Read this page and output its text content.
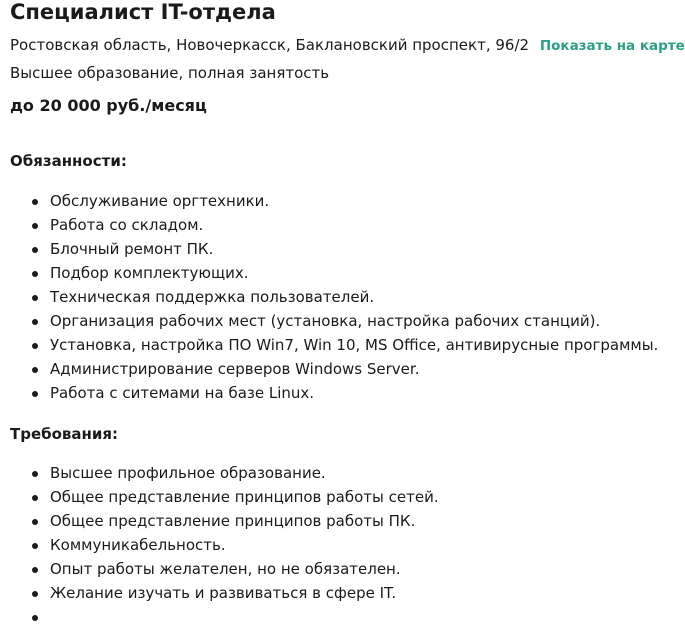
Специалист IT-отдела
Ростовская область, Новочеркасск, Баклановский проспект, 96/2 Показать на карте
Высшее образование, полная занятость
до 20 000 руб./месяц
Обязанности:
Обслуживание оргтехники.
Работа со складом.
Блочный ремонт ПК.
Подбор комплектующих.
Техническая поддержка пользователей.
Организация рабочих мест (установка, настройка рабочих станций).
Установка, настройка ПО Win7, Win 10, MS Office, антивирусные программы.
Администрирование серверов Windows Server.
Работа с ситемами на базе Linux.
Требования:
Высшее профильное образование.
Общее представление принципов работы сетей.
Общее представление принципов работы ПК.
Коммуникабельность.
Опыт работы желателен, но не обязателен.
Желание изучать и развиваться в сфере IT.
